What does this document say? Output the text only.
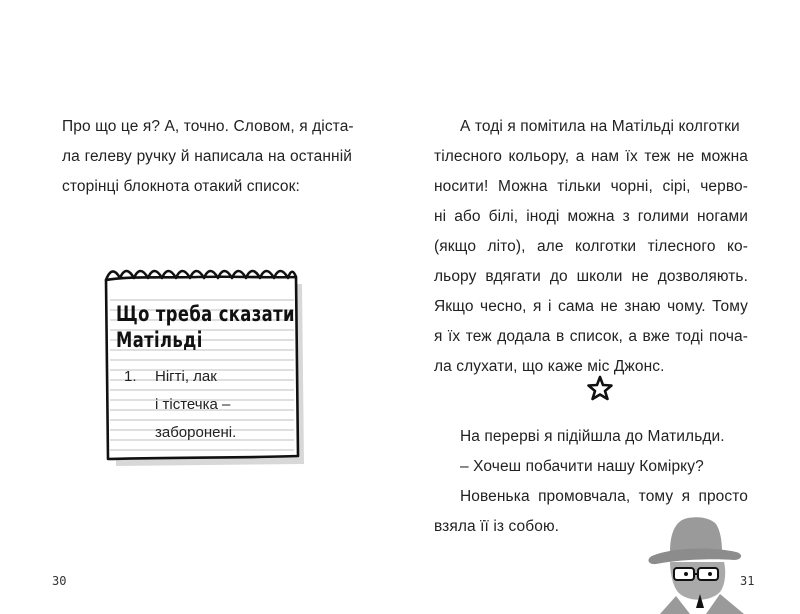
Про що це я? А, точно. Словом, я діста-
ла гелеву ручку й написала на останній
сторінці блокнота отакий список:
Що треба сказати
Матільді
1. Нігті, лак
і тістечка –
заборонені.
30
А тоді я помітила на Матільді колготки
тілесного кольору, а нам їх теж не можна
носити! Можна тільки чорні, сірі, черво-
ні або білі, іноді можна з голими ногами
(якщо літо), але колготки тілесного ко-
льору вдягати до школи не дозволяють.
Якщо чесно, я і сама не знаю чому. Тому
я їх теж додала в список, а вже тоді поча-
ла слухати, що каже міс Джонс.
На перерві я підійшла до Матильди.
– Хочеш побачити нашу Комірку?
Новенька промовчала, тому я просто
взяла її із собою.
31
